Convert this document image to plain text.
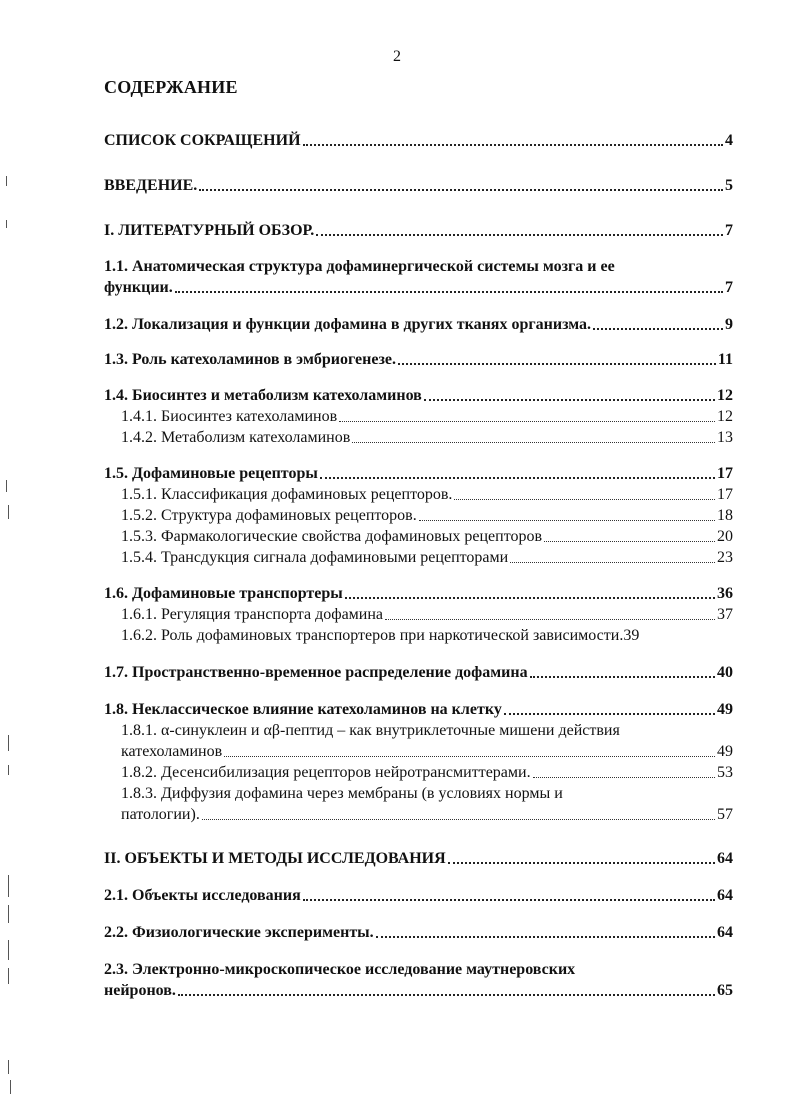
2
СОДЕРЖАНИЕ
СПИСОК СОКРАЩЕНИЙ	4
ВВЕДЕНИЕ.	5
I. ЛИТЕРАТУРНЫЙ ОБЗОР.	7
1.1. Анатомическая структура дофаминергической системы мозга и ее
функции.	7
1.2. Локализация и функции дофамина в других тканях организма.	9
1.3. Роль катехоламинов в эмбриогенезе.	11
1.4. Биосинтез и метаболизм катехоламинов	12
1.4.1. Биосинтез катехоламинов	12
1.4.2. Метаболизм катехоламинов	13
1.5. Дофаминовые рецепторы	17
1.5.1. Классификация дофаминовых рецепторов.	17
1.5.2. Структура дофаминовых рецепторов.	18
1.5.3. Фармакологические свойства дофаминовых рецепторов	20
1.5.4. Трансдукция сигнала дофаминовыми рецепторами	23
1.6. Дофаминовые транспортеры	36
1.6.1. Регуляция транспорта дофамина	37
1.6.2. Роль дофаминовых транспортеров при наркотической зависимости. 39
1.7. Пространственно-временное распределение дофамина	40
1.8. Неклассическое влияние катехоламинов на клетку	49
1.8.1. α-синуклеин и αβ-пептид – как внутриклеточные мишени действия
катехоламинов	49
1.8.2. Десенсибилизация рецепторов нейротрансмиттерами.	53
1.8.3. Диффузия дофамина через мембраны (в условиях нормы и
патологии).	57
II. ОБЪЕКТЫ И МЕТОДЫ ИССЛЕДОВАНИЯ	64
2.1. Объекты исследования	64
2.2. Физиологические эксперименты.	64
2.3. Электронно-микроскопическое исследование маутнеровских
нейронов.	65
